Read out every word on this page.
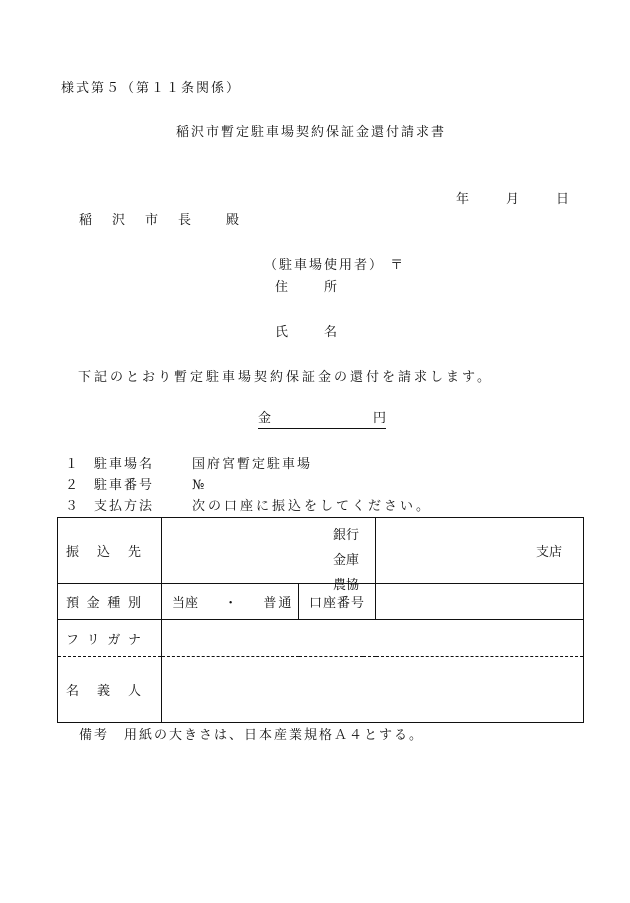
様式第５（第１１条関係）
稲沢市暫定駐車場契約保証金還付請求書
年	月	日
稲 沢 市 長	殿
（駐車場使用者） 〒
住	所
氏	名
下記のとおり暫定駐車場契約保証金の還付を請求します。
金	円
１ 駐車場名	国府宮暫定駐車場
２ 駐車番号	№
３ 支払方法	次の口座に振込をしてください。
振 込 先	銀行
金庫
農協		支店

預 金 種 別	当座 ・ 普通	口座番号	

フ リ ガ ナ			

名 義 人			

備考　用紙の大きさは、日本産業規格Ａ４とする。
